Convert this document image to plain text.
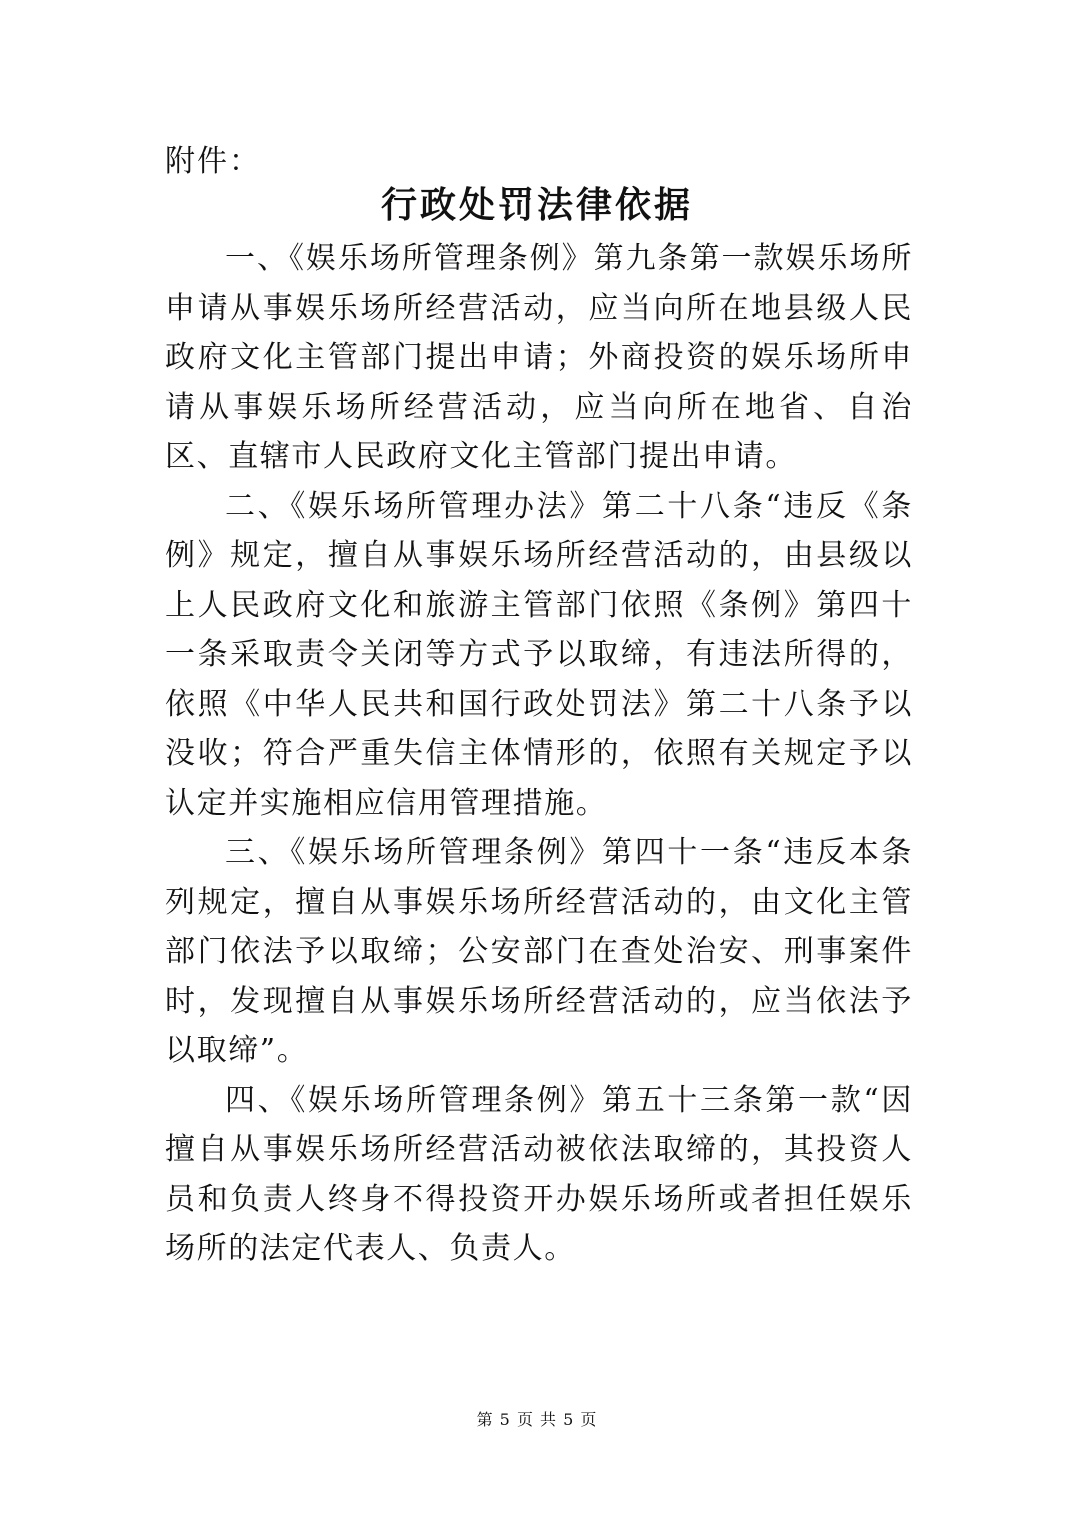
附件：
行政处罚法律依据

一、《娱乐场所管理条例》第九条第一款娱乐场所申请从事娱乐场所经营活动，应当向所在地县级人民政府文化主管部门提出申请；外商投资的娱乐场所申请从事娱乐场所经营活动，应当向所在地省、自治区、直辖市人民政府文化主管部门提出申请。

二、《娱乐场所管理办法》第二十八条“违反《条例》规定，擅自从事娱乐场所经营活动的，由县级以上人民政府文化和旅游主管部门依照《条例》第四十一条采取责令关闭等方式予以取缔，有违法所得的，依照《中华人民共和国行政处罚法》第二十八条予以没收；符合严重失信主体情形的，依照有关规定予以认定并实施相应信用管理措施。

三、《娱乐场所管理条例》第四十一条“违反本条列规定，擅自从事娱乐场所经营活动的，由文化主管部门依法予以取缔；公安部门在查处治安、刑事案件时，发现擅自从事娱乐场所经营活动的，应当依法予以取缔”。

四、《娱乐场所管理条例》第五十三条第一款“因擅自从事娱乐场所经营活动被依法取缔的，其投资人员和负责人终身不得投资开办娱乐场所或者担任娱乐场所的法定代表人、负责人。

第 5 页 共 5 页
